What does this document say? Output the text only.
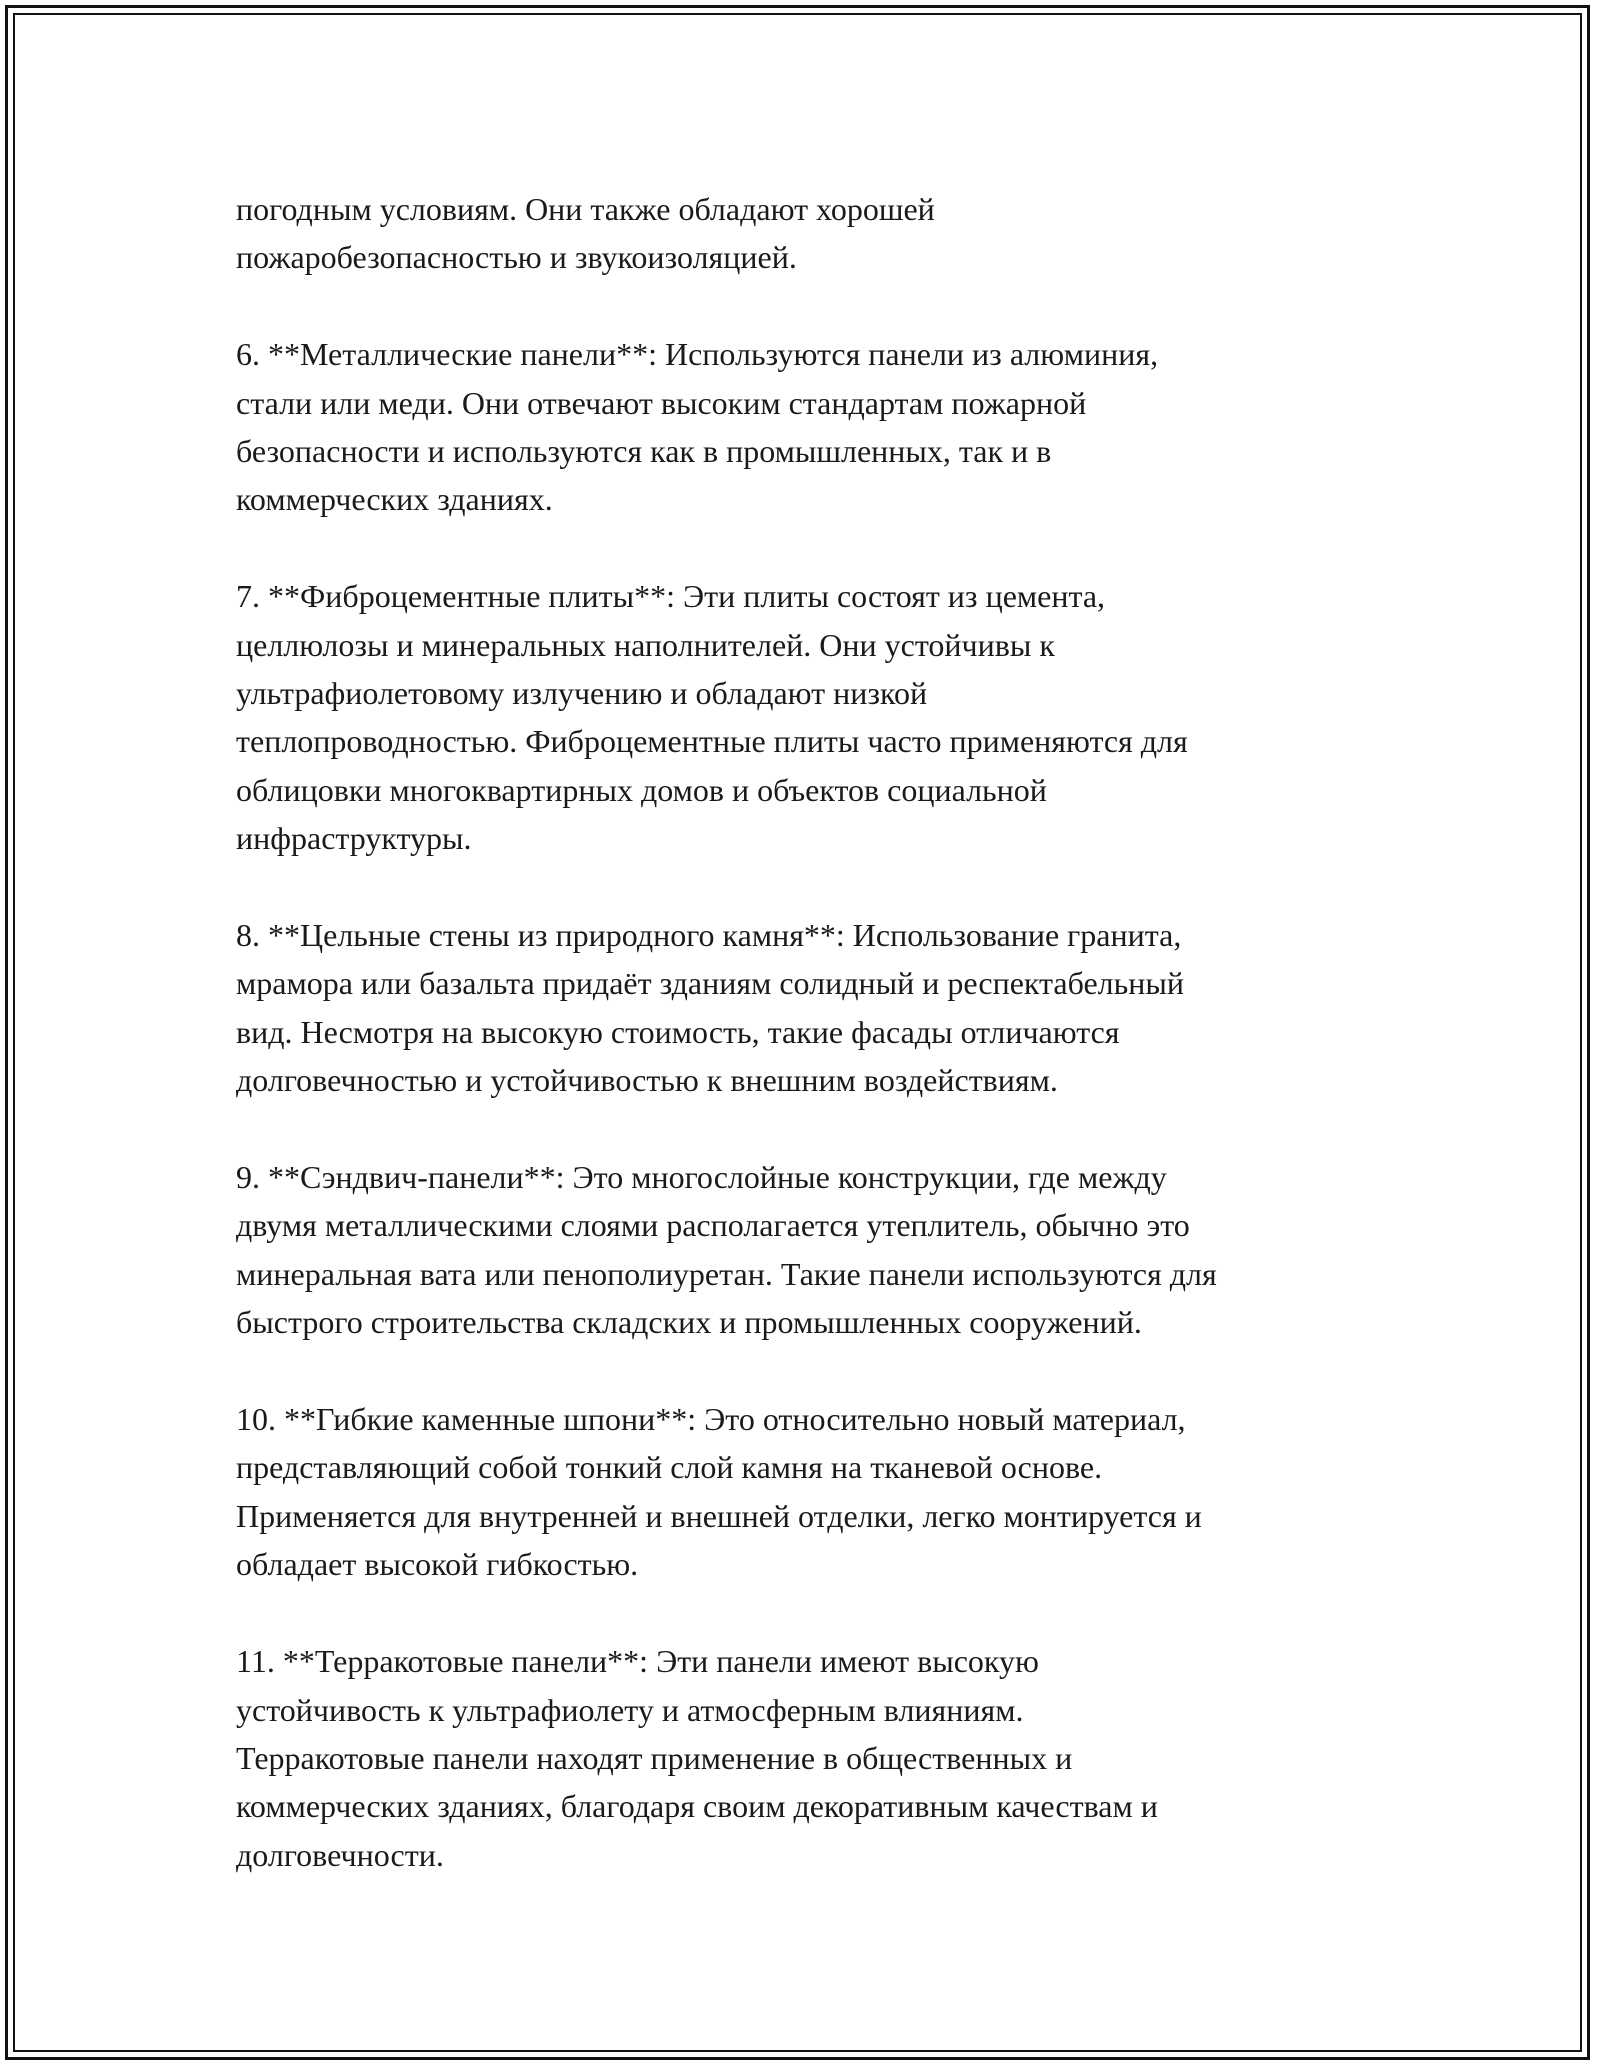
погодным условиям. Они также обладают хорошей
пожаробезопасностью и звукоизоляцией.

6. **Металлические панели**: Используются панели из алюминия,
стали или меди. Они отвечают высоким стандартам пожарной
безопасности и используются как в промышленных, так и в
коммерческих зданиях.

7. **Фиброцементные плиты**: Эти плиты состоят из цемента,
целлюлозы и минеральных наполнителей. Они устойчивы к
ультрафиолетовому излучению и обладают низкой
теплопроводностью. Фиброцементные плиты часто применяются для
облицовки многоквартирных домов и объектов социальной
инфраструктуры.

8. **Цельные стены из природного камня**: Использование гранита,
мрамора или базальта придаёт зданиям солидный и респектабельный
вид. Несмотря на высокую стоимость, такие фасады отличаются
долговечностью и устойчивостью к внешним воздействиям.

9. **Сэндвич-панели**: Это многослойные конструкции, где между
двумя металлическими слоями располагается утеплитель, обычно это
минеральная вата или пенополиуретан. Такие панели используются для
быстрого строительства складских и промышленных сооружений.

10. **Гибкие каменные шпони**: Это относительно новый материал,
представляющий собой тонкий слой камня на тканевой основе.
Применяется для внутренней и внешней отделки, легко монтируется и
обладает высокой гибкостью.

11. **Терракотовые панели**: Эти панели имеют высокую
устойчивость к ультрафиолету и атмосферным влияниям.
Терракотовые панели находят применение в общественных и
коммерческих зданиях, благодаря своим декоративным качествам и
долговечности.
